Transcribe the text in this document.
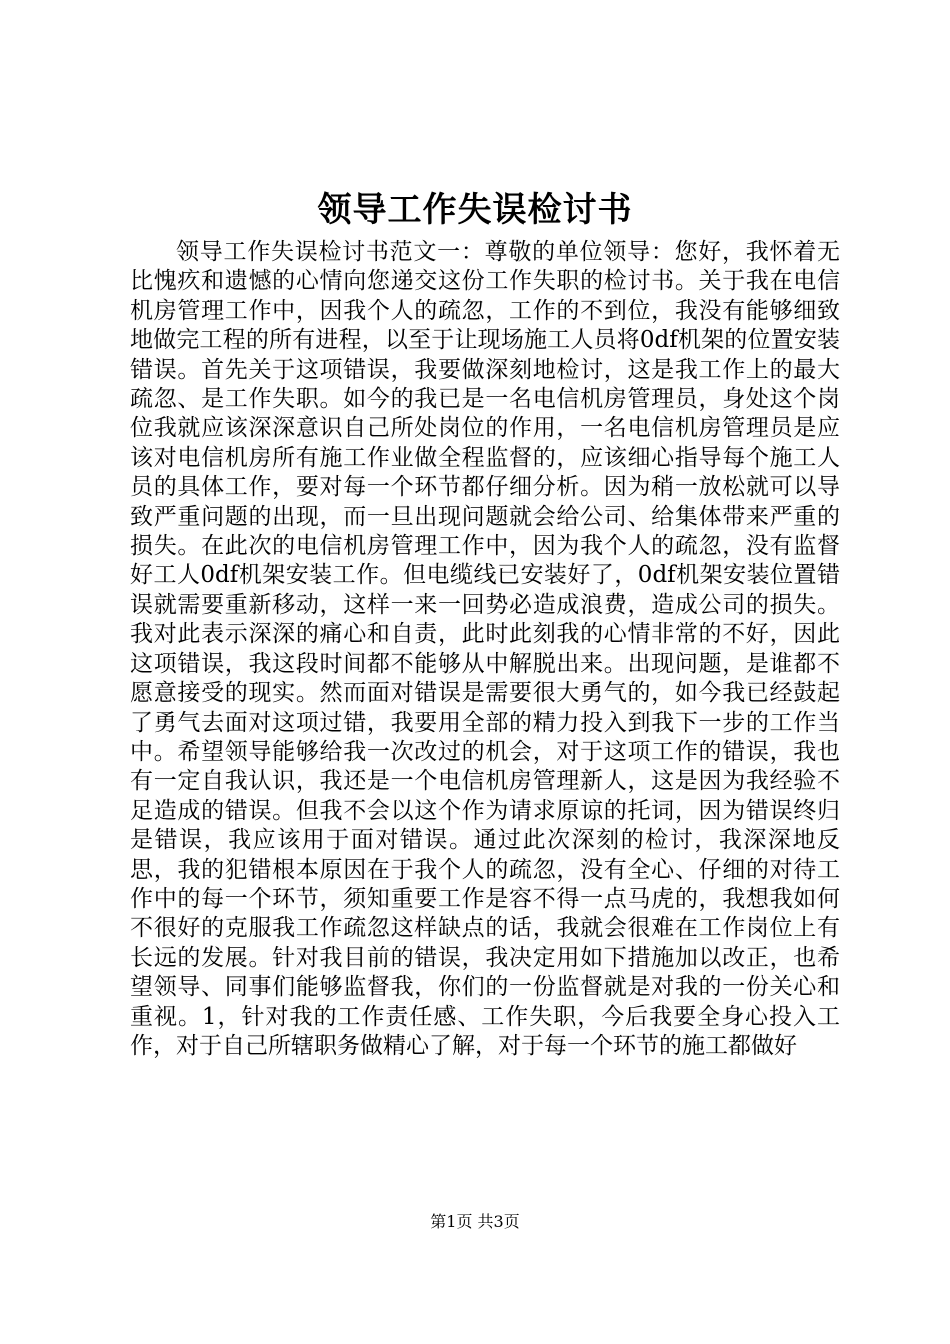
领导工作失误检讨书

领导工作失误检讨书范文一：尊敬的单位领导：您好，我怀着无比愧疚和遗憾的心情向您递交这份工作失职的检讨书。关于我在电信机房管理工作中，因我个人的疏忽，工作的不到位，我没有能够细致地做完工程的所有进程，以至于让现场施工人员将0df机架的位置安装错误。首先关于这项错误，我要做深刻地检讨，这是我工作上的最大疏忽、是工作失职。如今的我已是一名电信机房管理员，身处这个岗位我就应该深深意识自己所处岗位的作用，一名电信机房管理员是应该对电信机房所有施工作业做全程监督的，应该细心指导每个施工人员的具体工作，要对每一个环节都仔细分析。因为稍一放松就可以导致严重问题的出现，而一旦出现问题就会给公司、给集体带来严重的损失。在此次的电信机房管理工作中，因为我个人的疏忽，没有监督好工人0df机架安装工作。但电缆线已安装好了，0df机架安装位置错误就需要重新移动，这样一来一回势必造成浪费，造成公司的损失。我对此表示深深的痛心和自责，此时此刻我的心情非常的不好，因此这项错误，我这段时间都不能够从中解脱出来。出现问题，是谁都不愿意接受的现实。然而面对错误是需要很大勇气的，如今我已经鼓起了勇气去面对这项过错，我要用全部的精力投入到我下一步的工作当中。希望领导能够给我一次改过的机会，对于这项工作的错误，我也有一定自我认识，我还是一个电信机房管理新人，这是因为我经验不足造成的错误。但我不会以这个作为请求原谅的托词，因为错误终归是错误，我应该用于面对错误。通过此次深刻的检讨，我深深地反思，我的犯错根本原因在于我个人的疏忽，没有全心、仔细的对待工作中的每一个环节，须知重要工作是容不得一点马虎的，我想我如何不很好的克服我工作疏忽这样缺点的话，我就会很难在工作岗位上有长远的发展。针对我目前的错误，我决定用如下措施加以改正，也希望领导、同事们能够监督我，你们的一份监督就是对我的一份关心和重视。1，针对我的工作责任感、工作失职，今后我要全身心投入工作，对于自己所辖职务做精心了解，对于每一个环节的施工都做好

第1页 共3页
